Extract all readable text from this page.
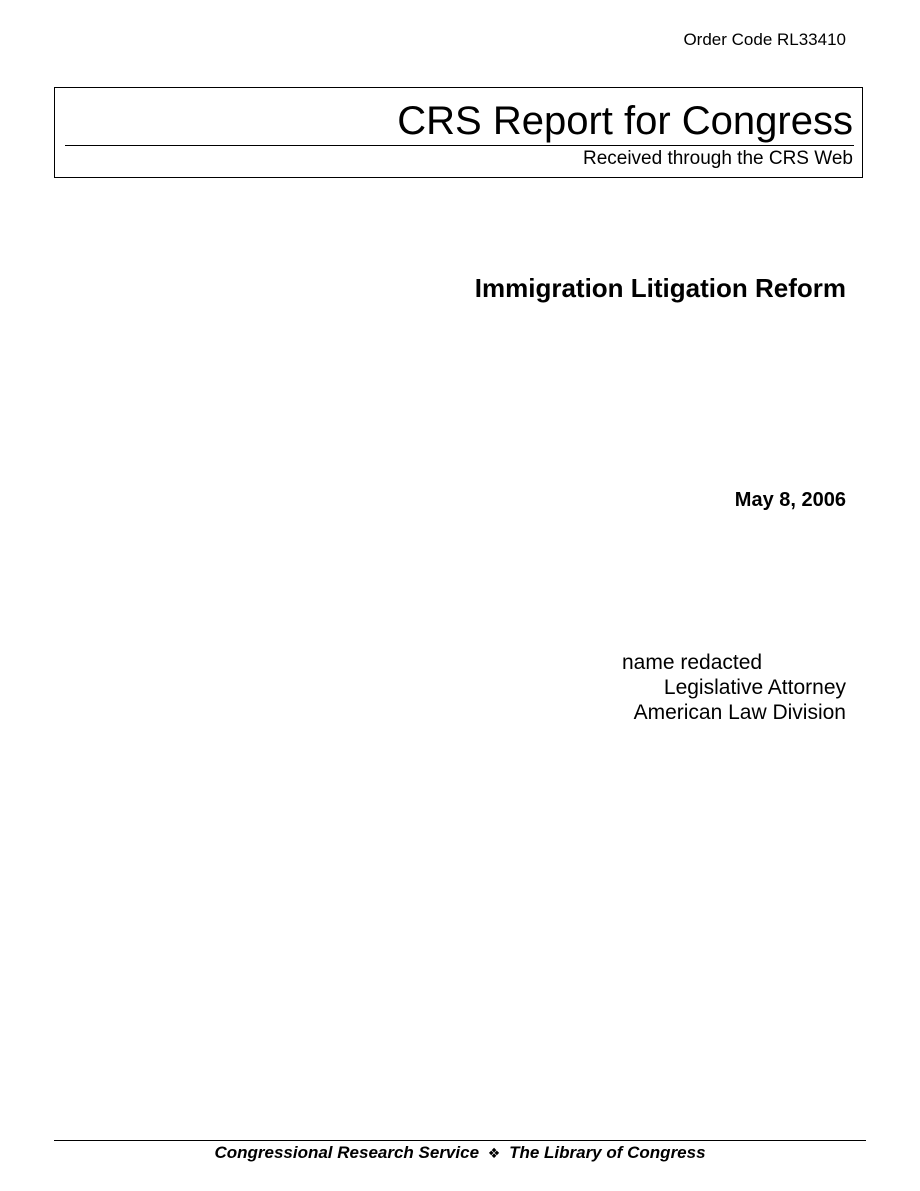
Order Code RL33410
CRS Report for Congress
Received through the CRS Web
Immigration Litigation Reform
May 8, 2006
name redacted
Legislative Attorney
American Law Division
Congressional Research Service ❖ The Library of Congress
